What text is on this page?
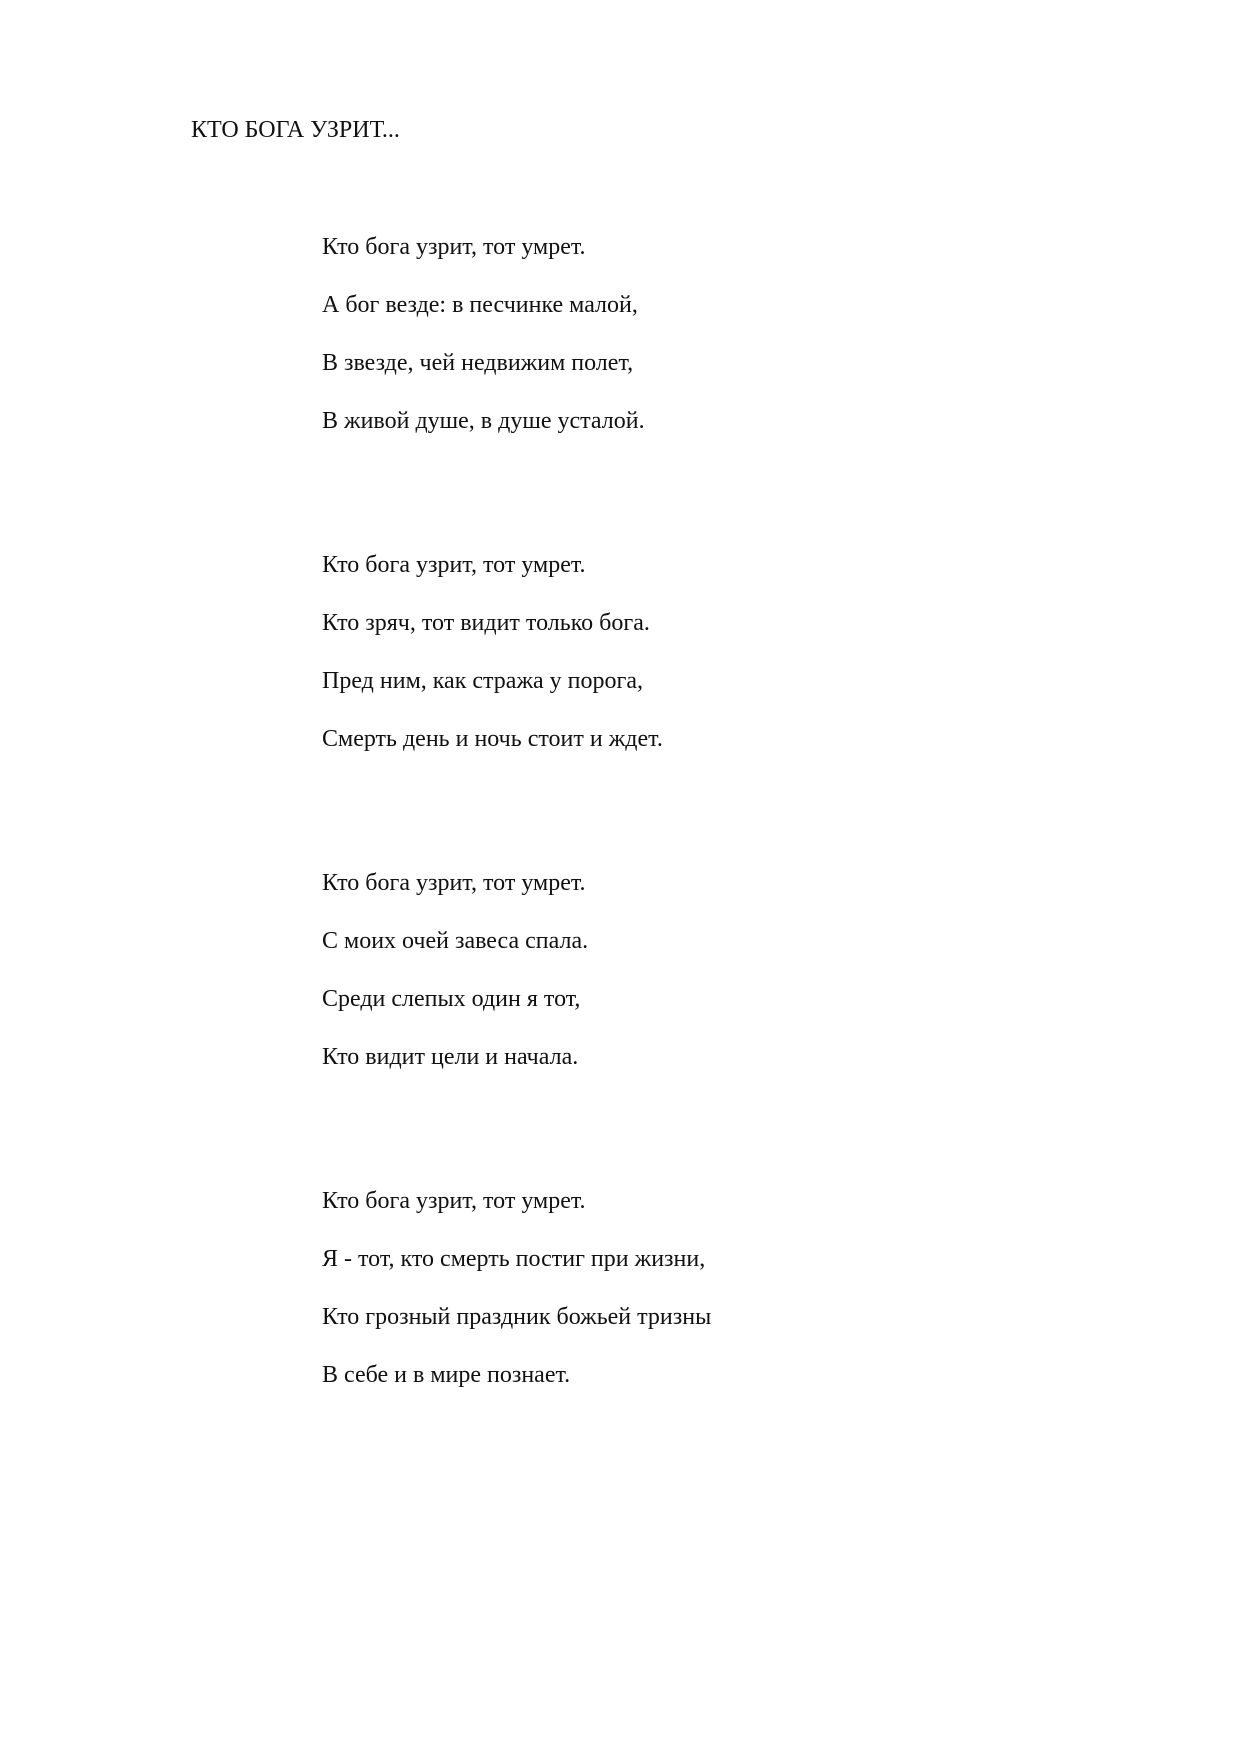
КТО БОГА УЗРИТ...
Кто бога узрит, тот умрет.
А бог везде: в песчинке малой,
В звезде, чей недвижим полет,
В живой душе, в душе усталой.
Кто бога узрит, тот умрет.
Кто зряч, тот видит только бога.
Пред ним, как стража у порога,
Смерть день и ночь стоит и ждет.
Кто бога узрит, тот умрет.
С моих очей завеса спала.
Среди слепых один я тот,
Кто видит цели и начала.
Кто бога узрит, тот умрет.
Я - тот, кто смерть постиг при жизни,
Кто грозный праздник божьей тризны
В себе и в мире познает.
